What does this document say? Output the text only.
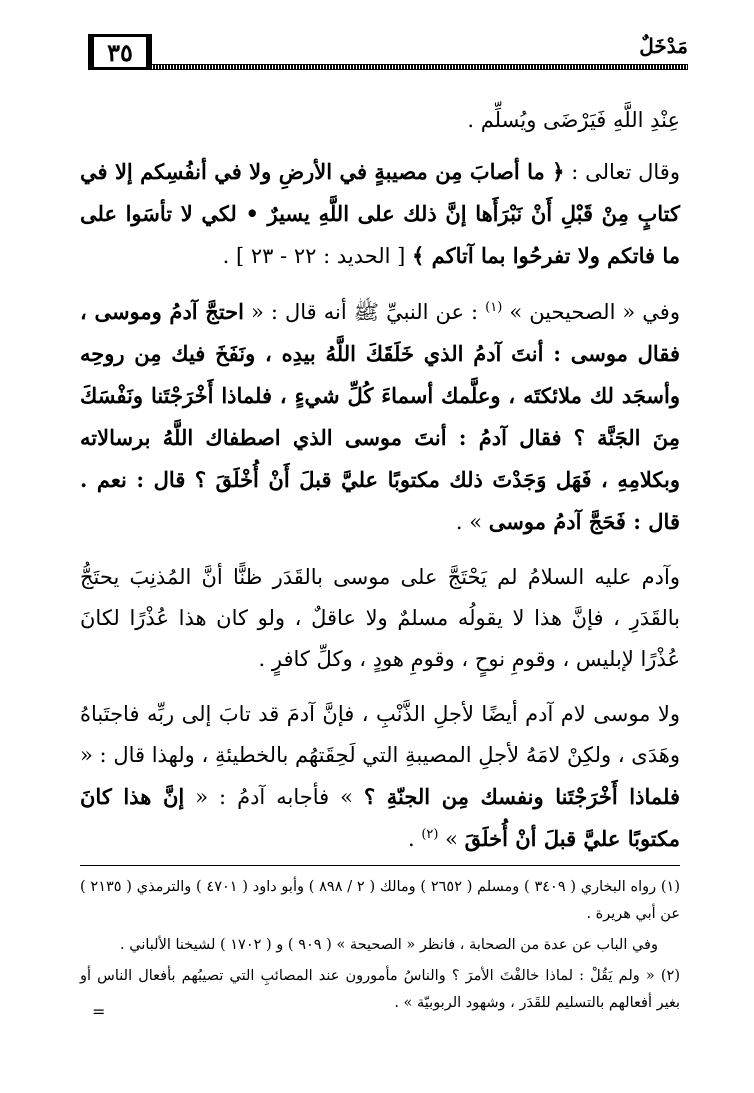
٣٥	مَدْخَلٌ

عِنْدِ اللَّهِ فَيَرْضَى ويُسلِّم .

وقال تعالى : ﴿ ما أصابَ مِن مصيبةٍ في الأرضِ ولا في أنفُسِكم إلا في كتابٍ مِنْ قَبْلِ أَنْ نَبْرَأَها إنَّ ذلك على اللَّهِ يسيرٌ • لكي لا تأسَوا على ما فاتكم ولا تفرحُوا بما آتاكم ﴾ [ الحديد : ٢٢ - ٢٣ ] .

وفي « الصحيحين » $^{(١)}$ : عن النبيِّ ﷺ أنه قال : « احتجَّ آدمُ وموسى ، فقال موسى : أنتَ آدمُ الذي خَلَقَكَ اللَّهُ بيدِه ، ونَفَخَ فيك مِن روحِه وأسجَد لك ملائكتَه ، وعلَّمك أسماءَ كُلِّ شيءٍ ، فلماذا أَخْرَجْتَنا ونَفْسَكَ مِنَ الجَنَّة ؟ فقال آدمُ : أنتَ موسى الذي اصطفاك اللَّهُ برسالاته وبكلامِهِ ، فَهَل وَجَدْتَ ذلك مكتوبًا عليَّ قبلَ أَنْ أُخْلَقَ ؟ قال : نعم . قال : فَحَجَّ آدمُ موسى » .

وآدم عليه السلامُ لم يَحْتَجَّ على موسى بالقَدَر ظنًّا أنَّ المُذنِبَ يحتَجُّ بالقَدَرِ ، فإنَّ هذا لا يقولُه مسلمٌ ولا عاقلٌ ، ولو كان هذا عُذْرًا لكانَ عُذْرًا لإبليس ، وقومِ نوحٍ ، وقومِ هودٍ ، وكلِّ كافرٍ .

ولا موسى لام آدم أيضًا لأجلِ الذَّنْبِ ، فإنَّ آدمَ قد تابَ إلى ربِّه فاجتَباهُ وهَدَى ، ولكِنْ لامَهُ لأجلِ المصيبةِ التي لَحِقَتهُم بالخطيئةِ ، ولهذا قال : « فلماذا أَخْرَجْتَنا ونفسك مِن الجنّةِ ؟ » فأجابه آدمُ : « إنَّ هذا كانَ مكتوبًا عليَّ قبلَ أنْ أُخلَقَ » $^{(٢)}$ .

(١) رواه البخاري ( ٣٤٠٩ ) ومسلم ( ٢٦٥٢ ) ومالك ( ٢ / ٨٩٨ ) وأبو داود ( ٤٧٠١ ) والترمذي ( ٢١٣٥ ) عن أبي هريرة .

وفي الباب عن عدة من الصحابة ، فانظر « الصحيحة » ( ٩٠٩ ) و ( ١٧٠٢ ) لشيخنا الألباني .

(٢) « ولم يَقُلْ : لماذا خالفْتَ الأمرَ ؟ والناسُ مأمورون عند المصائبِ التي تصيبُهم بأفعال الناس أو بغير أفعالهم بالتسليم للقَدَر ، وشهود الربوبيّة » .

=
